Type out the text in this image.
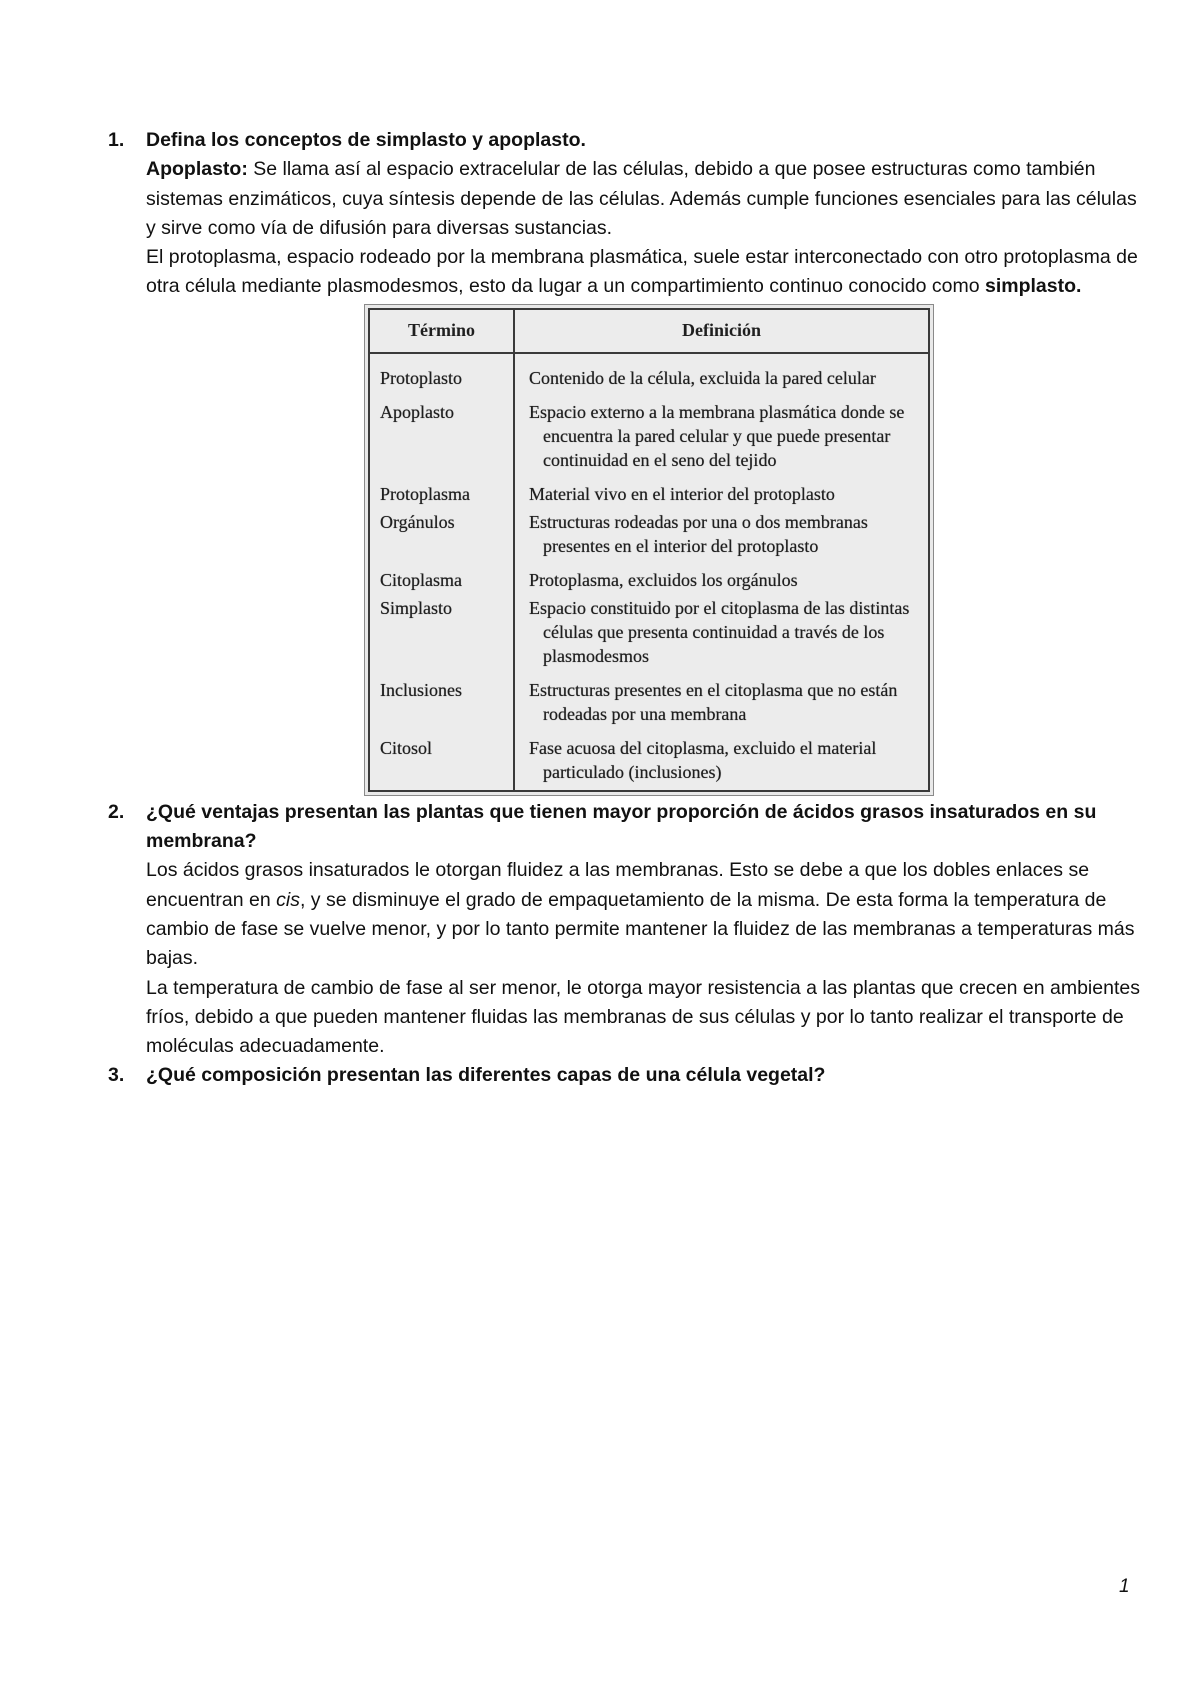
1. Defina los conceptos de simplasto y apoplasto.

Apoplasto: Se llama así al espacio extracelular de las células, debido a que posee estructuras como también sistemas enzimáticos, cuya síntesis depende de las células. Además cumple funciones esenciales para las células y sirve como vía de difusión para diversas sustancias.

El protoplasma, espacio rodeado por la membrana plasmática, suele estar interconectado con otro protoplasma de otra célula mediante plasmodesmos, esto da lugar a un compartimiento continuo conocido como simplasto.

Término	Definición
Protoplasto	Contenido de la célula, excluida la pared celular
Apoplasto	Espacio externo a la membrana plasmática donde se encuentra la pared celular y que puede presentar continuidad en el seno del tejido
Protoplasma	Material vivo en el interior del protoplasto
Orgánulos	Estructuras rodeadas por una o dos membranas presentes en el interior del protoplasto
Citoplasma	Protoplasma, excluidos los orgánulos
Simplasto	Espacio constituido por el citoplasma de las distintas células que presenta continuidad a través de los plasmodesmos
Inclusiones	Estructuras presentes en el citoplasma que no están rodeadas por una membrana
Citosol	Fase acuosa del citoplasma, excluido el material particulado (inclusiones)
2. ¿Qué ventajas presentan las plantas que tienen mayor proporción de ácidos grasos insaturados en su membrana?

Los ácidos grasos insaturados le otorgan fluidez a las membranas. Esto se debe a que los dobles enlaces se encuentran en cis, y se disminuye el grado de empaquetamiento de la misma. De esta forma la temperatura de cambio de fase se vuelve menor, y por lo tanto permite mantener la fluidez de las membranas a temperaturas más bajas.

La temperatura de cambio de fase al ser menor, le otorga mayor resistencia a las plantas que crecen en ambientes fríos, debido a que pueden mantener fluidas las membranas de sus células y por lo tanto realizar el transporte de moléculas adecuadamente.

3. ¿Qué composición presentan las diferentes capas de una célula vegetal?
1
